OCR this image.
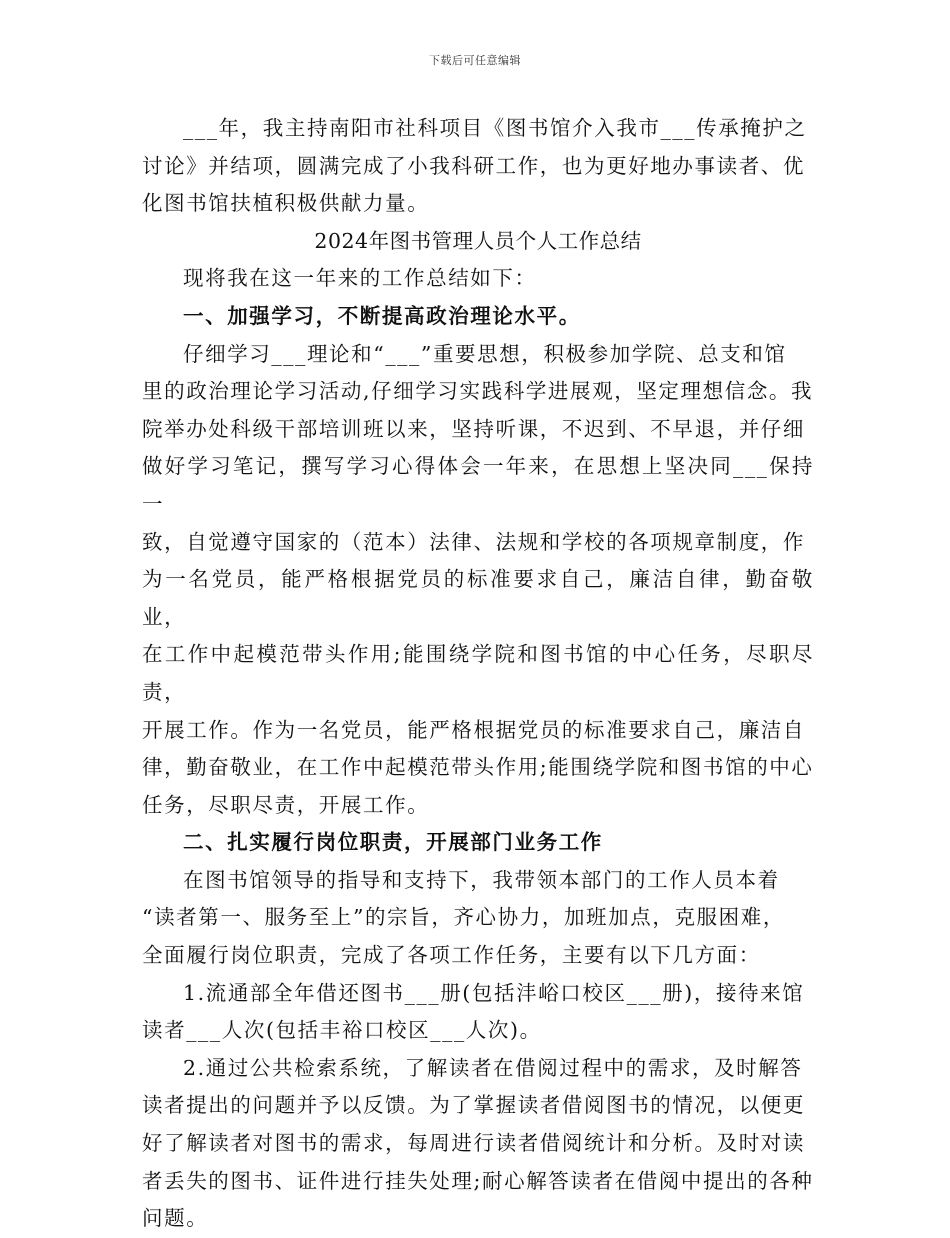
下载后可任意编辑
___年，我主持南阳市社科项目《图书馆介入我市___传承掩护之
讨论》并结项，圆满完成了小我科研工作，也为更好地办事读者、优
化图书馆扶植积极供献力量。
2024年图书管理人员个人工作总结
现将我在这一年来的工作总结如下：
一、加强学习，不断提高政治理论水平。
仔细学习___理论和“___”重要思想，积极参加学院、总支和馆
里的政治理论学习活动,仔细学习实践科学进展观，坚定理想信念。我
院举办处科级干部培训班以来，坚持听课，不迟到、不早退，并仔细
做好学习笔记，撰写学习心得体会一年来，在思想上坚决同___保持一
致，自觉遵守国家的（范本）法律、法规和学校的各项规章制度，作
为一名党员，能严格根据党员的标准要求自己，廉洁自律，勤奋敬业，
在工作中起模范带头作用;能围绕学院和图书馆的中心任务，尽职尽责，
开展工作。作为一名党员，能严格根据党员的标准要求自己，廉洁自
律，勤奋敬业，在工作中起模范带头作用;能围绕学院和图书馆的中心
任务，尽职尽责，开展工作。
二、扎实履行岗位职责，开展部门业务工作
在图书馆领导的指导和支持下，我带领本部门的工作人员本着
“读者第一、服务至上”的宗旨，齐心协力，加班加点，克服困难，
全面履行岗位职责，完成了各项工作任务，主要有以下几方面：
1.流通部全年借还图书___册(包括沣峪口校区___册)，接待来馆
读者___人次(包括丰裕口校区___人次)。
2.通过公共检索系统，了解读者在借阅过程中的需求，及时解答
读者提出的问题并予以反馈。为了掌握读者借阅图书的情况，以便更
好了解读者对图书的需求，每周进行读者借阅统计和分析。及时对读
者丢失的图书、证件进行挂失处理;耐心解答读者在借阅中提出的各种
问题。
